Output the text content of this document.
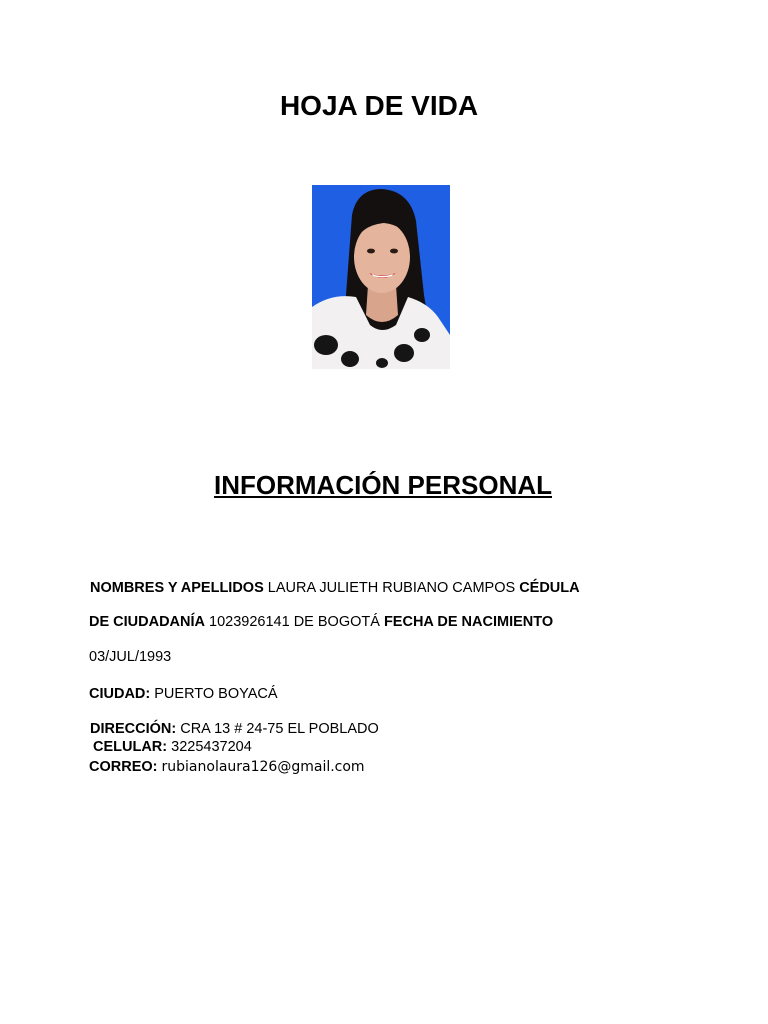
HOJA DE VIDA
INFORMACIÓN PERSONAL
NOMBRES Y APELLIDOS LAURA JULIETH RUBIANO CAMPOS CÉDULA
DE CIUDADANÍA 1023926141 DE BOGOTÁ FECHA DE NACIMIENTO
03/JUL/1993
CIUDAD: PUERTO BOYACÁ
DIRECCIÓN: CRA 13 # 24-75 EL POBLADO
CELULAR: 3225437204
CORREO: rubianolaura126@gmail.com
